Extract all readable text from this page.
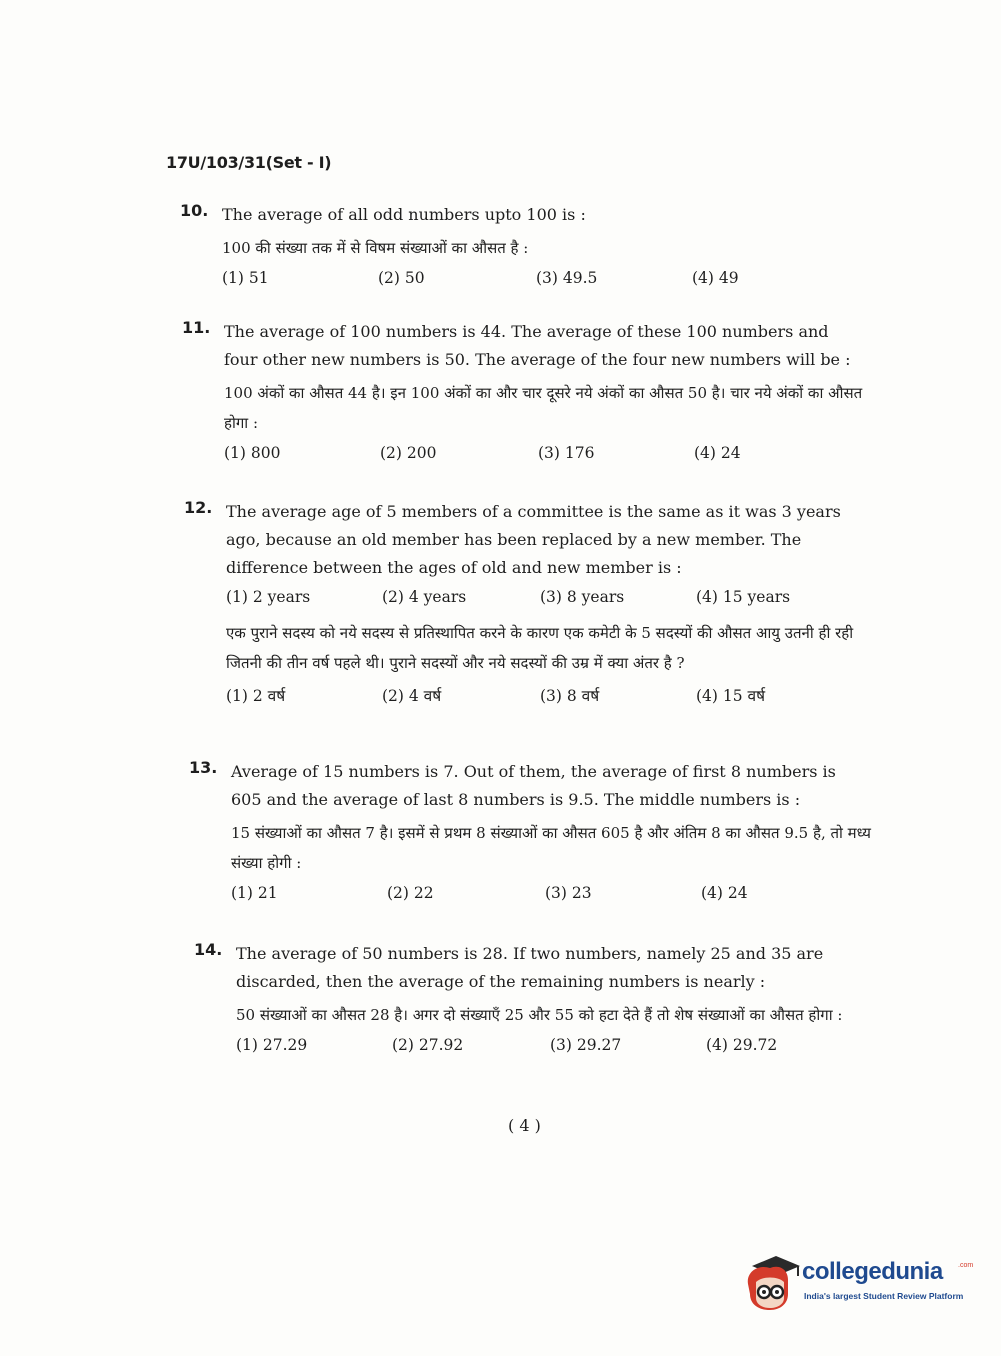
17U/103/31(Set - I)
10. The average of all odd numbers upto 100 is :
100 की संख्या तक में से विषम संख्याओं का औसत है :
(1) 51	(2) 50	(3) 49.5	(4) 49
11. The average of 100 numbers is 44. The average of these 100 numbers and four other new numbers is 50. The average of the four new numbers will be :
100 अंकों का औसत 44 है। इन 100 अंकों का और चार दूसरे नये अंकों का औसत 50 है। चार नये अंकों का औसत होगा :
(1) 800	(2) 200	(3) 176	(4) 24
12. The average age of 5 members of a committee is the same as it was 3 years ago, because an old member has been replaced by a new member. The difference between the ages of old and new member is :
(1) 2 years	(2) 4 years	(3) 8 years	(4) 15 years
एक पुराने सदस्य को नये सदस्य से प्रतिस्थापित करने के कारण एक कमेटी के 5 सदस्यों की औसत आयु उतनी ही रही जितनी की तीन वर्ष पहले थी। पुराने सदस्यों और नये सदस्यों की उम्र में क्या अंतर है ?
(1) 2 वर्ष	(2) 4 वर्ष	(3) 8 वर्ष	(4) 15 वर्ष
13. Average of 15 numbers is 7. Out of them, the average of first 8 numbers is 605 and the average of last 8 numbers is 9.5. The middle numbers is :
15 संख्याओं का औसत 7 है। इसमें से प्रथम 8 संख्याओं का औसत 605 है और अंतिम 8 का औसत 9.5 है, तो मध्य संख्या होगी :
(1) 21	(2) 22	(3) 23	(4) 24
14. The average of 50 numbers is 28. If two numbers, namely 25 and 35 are discarded, then the average of the remaining numbers is nearly :
50 संख्याओं का औसत 28 है। अगर दो संख्याएँ 25 और 55 को हटा देते हैं तो शेष संख्याओं का औसत होगा :
(1) 27.29	(2) 27.92	(3) 29.27	(4) 29.72
( 4 )
collegedunia .com
India's largest Student Review Platform
